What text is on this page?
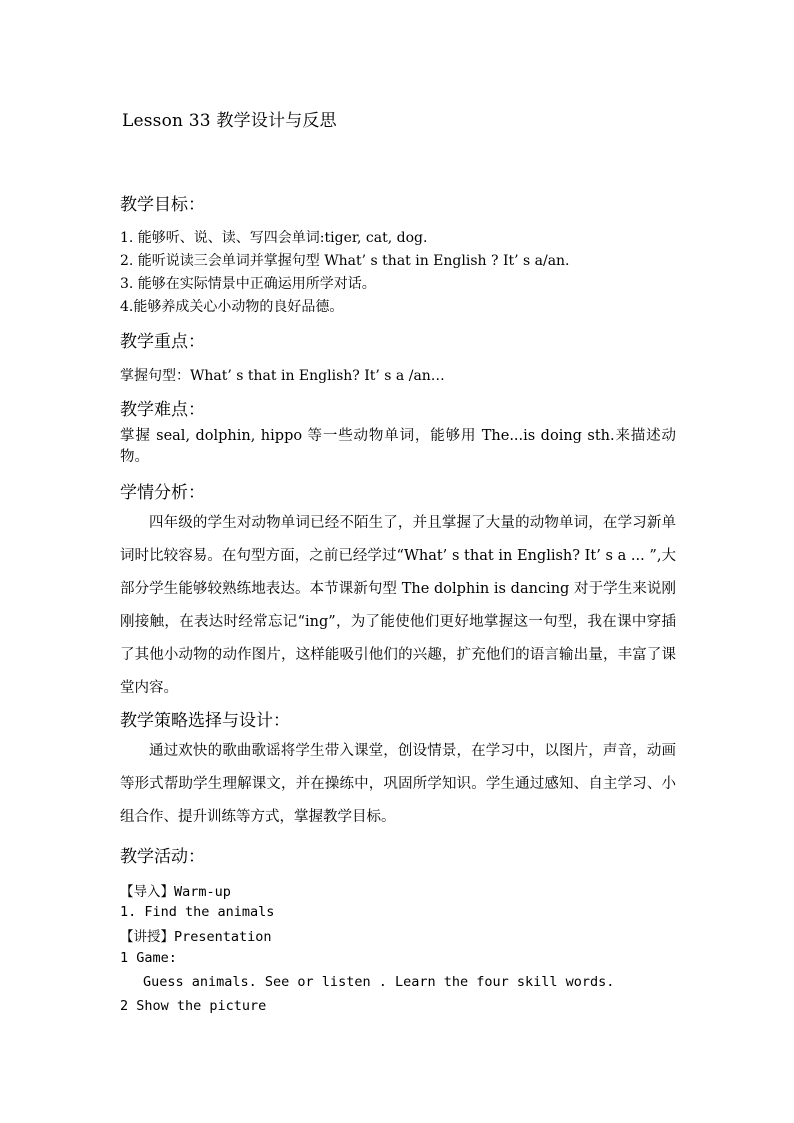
Lesson 33 教学设计与反思
教学目标：
1. 能够听、说、读、写四会单词:tiger, cat, dog.
2. 能听说读三会单词并掌握句型 What’ s that in English ? It’ s a/an.
3. 能够在实际情景中正确运用所学对话。
4.能够养成关心小动物的良好品德。
教学重点：
掌握句型：What’ s that in English? It’ s a /an…
教学难点：
掌握 seal, dolphin, hippo 等一些动物单词，能够用 The...is doing sth.来描述动物。
学情分析：
四年级的学生对动物单词已经不陌生了，并且掌握了大量的动物单词，在学习新单词时比较容易。在句型方面，之前已经学过“What’ s that in English? It’ s a ... ”,大部分学生能够较熟练地表达。本节课新句型 The dolphin is dancing 对于学生来说刚刚接触，在表达时经常忘记“ing”，为了能使他们更好地掌握这一句型，我在课中穿插了其他小动物的动作图片，这样能吸引他们的兴趣，扩充他们的语言输出量，丰富了课堂内容。
教学策略选择与设计：
通过欢快的歌曲歌谣将学生带入课堂，创设情景，在学习中，以图片，声音，动画等形式帮助学生理解课文，并在操练中，巩固所学知识。学生通过感知、自主学习、小组合作、提升训练等方式，掌握教学目标。
教学活动：
【导入】Warm-up
1. Find the animals
【讲授】Presentation
1 Game:
Guess animals. See or listen . Learn the four skill words.
2 Show the picture
